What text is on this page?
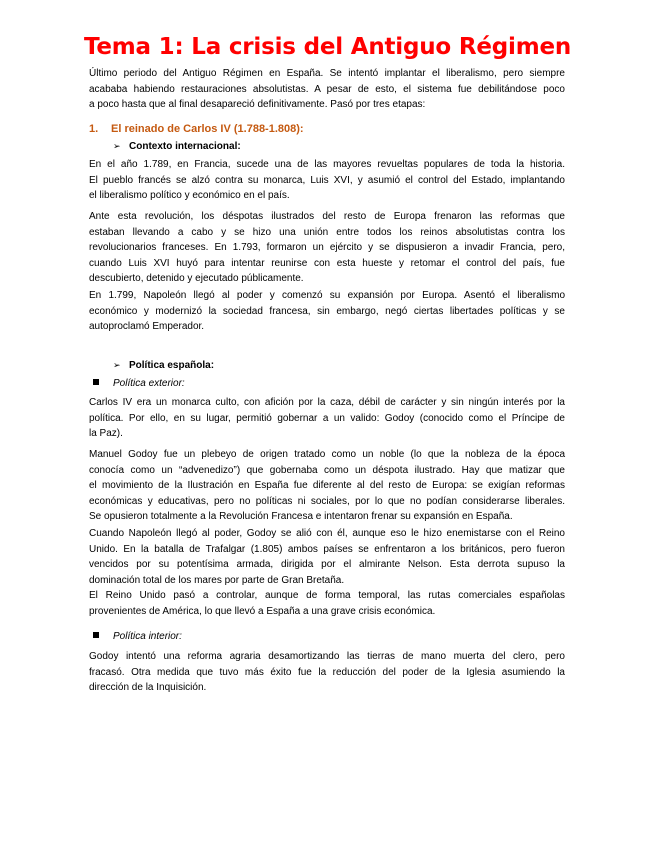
Tema 1: La crisis del Antiguo Régimen
Último periodo del Antiguo Régimen en España. Se intentó implantar el liberalismo, pero siempre
acababa habiendo restauraciones absolutistas. A pesar de esto, el sistema fue debilitándose poco
a poco hasta que al final desapareció definitivamente. Pasó por tres etapas:
1. El reinado de Carlos IV (1.788-1.808):
➢ Contexto internacional:
En el año 1.789, en Francia, sucede una de las mayores revueltas populares de toda la historia.
El pueblo francés se alzó contra su monarca, Luis XVI, y asumió el control del Estado, implantando
el liberalismo político y económico en el país.
Ante esta revolución, los déspotas ilustrados del resto de Europa frenaron las reformas que
estaban llevando a cabo y se hizo una unión entre todos los reinos absolutistas contra los
revolucionarios franceses. En 1.793, formaron un ejército y se dispusieron a invadir Francia, pero,
cuando Luis XVI huyó para intentar reunirse con esta hueste y retomar el control del país, fue
descubierto, detenido y ejecutado públicamente.
En 1.799, Napoleón llegó al poder y comenzó su expansión por Europa. Asentó el liberalismo
económico y modernizó la sociedad francesa, sin embargo, negó ciertas libertades políticas y se
autoproclamó Emperador.
➢ Política española:
Política exterior:
Carlos IV era un monarca culto, con afición por la caza, débil de carácter y sin ningún interés por la
política. Por ello, en su lugar, permitió gobernar a un valido: Godoy (conocido como el Príncipe de
la Paz).
Manuel Godoy fue un plebeyo de origen tratado como un noble (lo que la nobleza de la época
conocía como un “advenedizo”) que gobernaba como un déspota ilustrado. Hay que matizar que
el movimiento de la Ilustración en España fue diferente al del resto de Europa: se exigían reformas
económicas y educativas, pero no políticas ni sociales, por lo que no podían considerarse liberales.
Se opusieron totalmente a la Revolución Francesa e intentaron frenar su expansión en España.
Cuando Napoleón llegó al poder, Godoy se alió con él, aunque eso le hizo enemistarse con el Reino
Unido. En la batalla de Trafalgar (1.805) ambos países se enfrentaron a los británicos, pero fueron
vencidos por su potentísima armada, dirigida por el almirante Nelson. Esta derrota supuso la
dominación total de los mares por parte de Gran Bretaña.
El Reino Unido pasó a controlar, aunque de forma temporal, las rutas comerciales españolas
provenientes de América, lo que llevó a España a una grave crisis económica.
Política interior:
Godoy intentó una reforma agraria desamortizando las tierras de mano muerta del clero, pero
fracasó. Otra medida que tuvo más éxito fue la reducción del poder de la Iglesia asumiendo la
dirección de la Inquisición.
